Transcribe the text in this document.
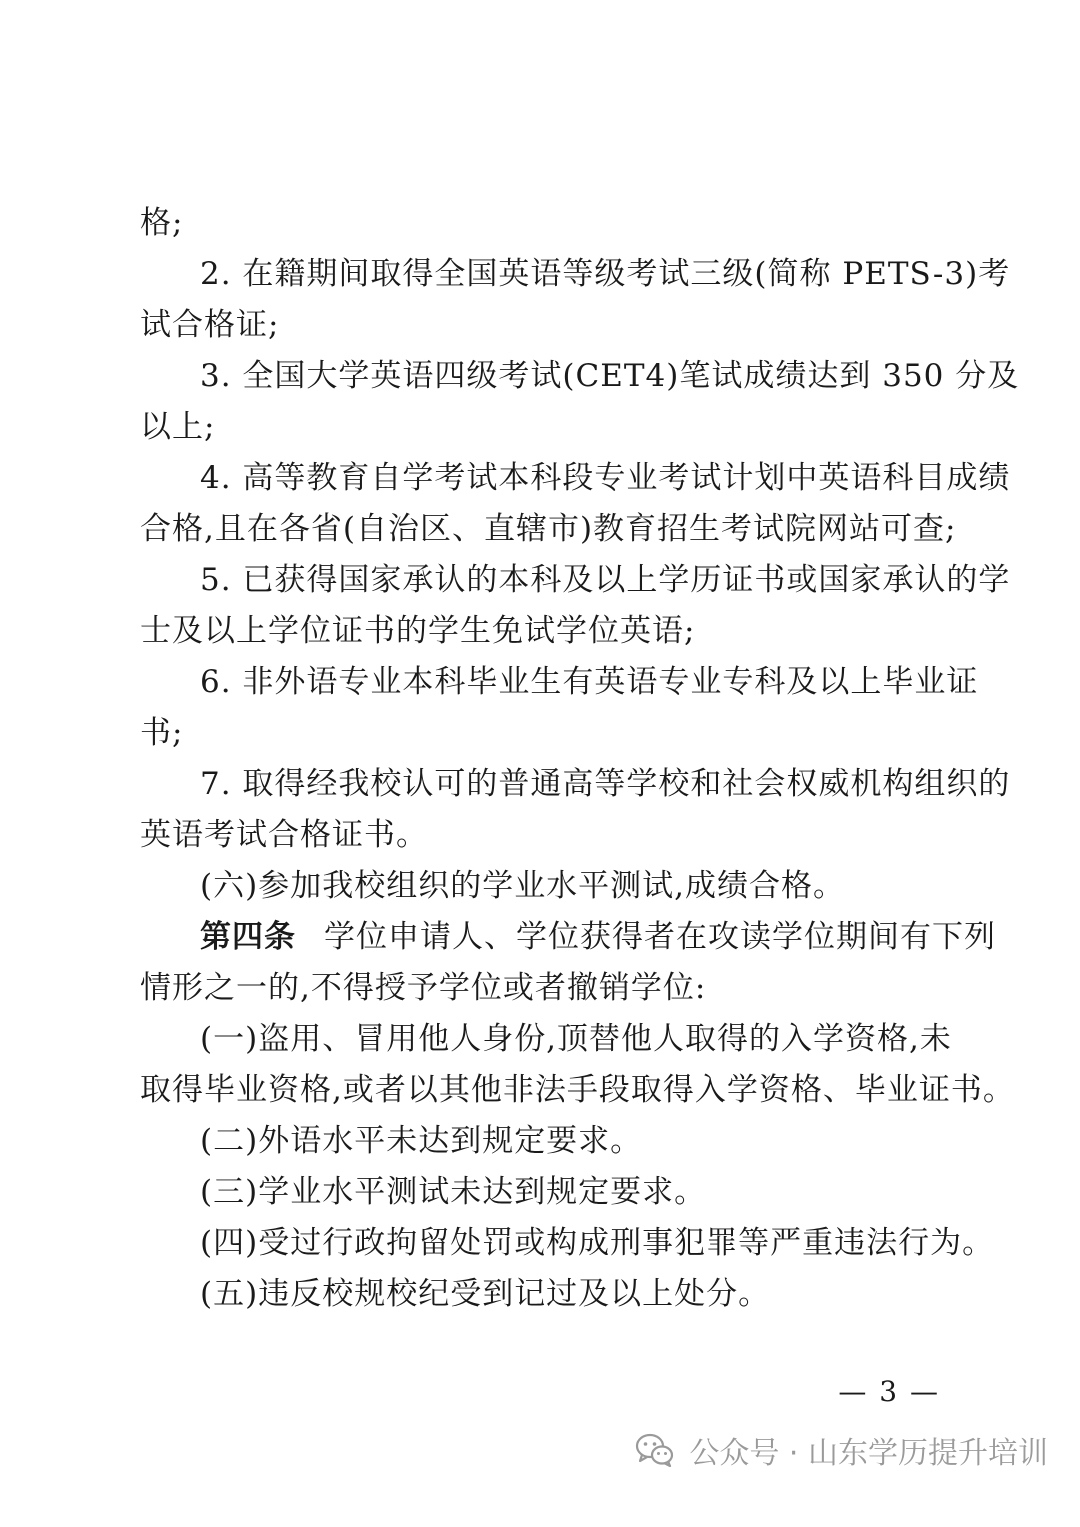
格;
2. 在籍期间取得全国英语等级考试三级(简称 PETS-3)考
试合格证;
3. 全国大学英语四级考试(CET4)笔试成绩达到 350 分及
以上;
4. 高等教育自学考试本科段专业考试计划中英语科目成绩
合格,且在各省(自治区、直辖市)教育招生考试院网站可查;
5. 已获得国家承认的本科及以上学历证书或国家承认的学
士及以上学位证书的学生免试学位英语;
6. 非外语专业本科毕业生有英语专业专科及以上毕业证
书;
7. 取得经我校认可的普通高等学校和社会权威机构组织的
英语考试合格证书。
(六)参加我校组织的学业水平测试,成绩合格。
第四条 学位申请人、学位获得者在攻读学位期间有下列
情形之一的,不得授予学位或者撤销学位:
(一)盗用、冒用他人身份,顶替他人取得的入学资格,未
取得毕业资格,或者以其他非法手段取得入学资格、毕业证书。
(二)外语水平未达到规定要求。
(三)学业水平测试未达到规定要求。
(四)受过行政拘留处罚或构成刑事犯罪等严重违法行为。
(五)违反校规校纪受到记过及以上处分。
— 3 —
公众号 · 山东学历提升培训
